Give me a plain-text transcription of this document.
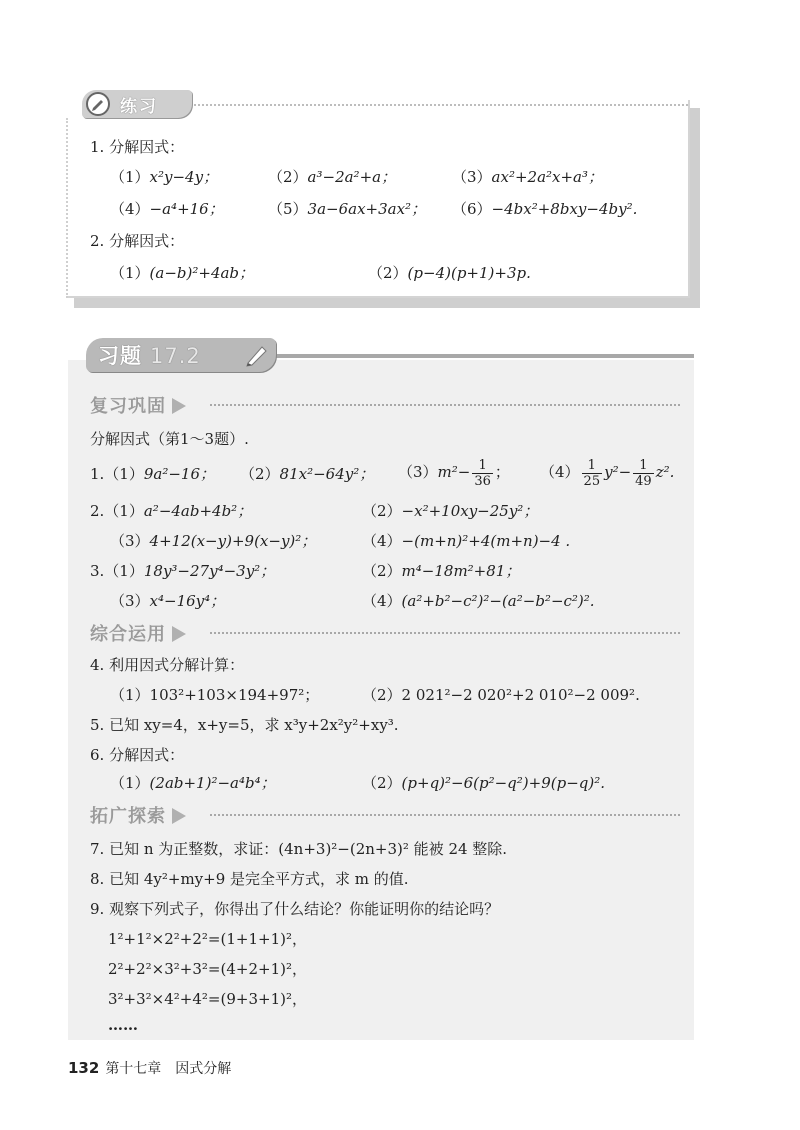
练习
1. 分解因式：
（1）x²y−4y；	（2）a³−2a²+a；	（3）ax²+2a²x+a³；
（4）−a⁴+16；	（5）3a−6ax+3ax²； （6）−4bx²+8bxy−4by².
2. 分解因式：
（1）(a−b)²+4ab；	（2）(p−4)(p+1)+3p.
习题 17.2
复习巩固
分解因式（第1～3题）.
1.（1）9a²−16； （2）81x²−64y²； $(3)m^2- \frac{1}{36}$ ； $(4) \frac{1}{25} y^2- \frac{1}{49} z^2$.
2.（1）a²−4ab+4b²；	（2）−x²+10xy−25y²；
（3）4+12(x−y)+9(x−y)²；	（4）−(m+n)²+4(m+n)−4 .
3.（1）18y³−27y⁴−3y²；	（2）m⁴−18m²+81；
（3）x⁴−16y⁴；	（4）(a²+b²−c²)²−(a²−b²−c²)².
综合运用
4. 利用因式分解计算：
（1）103²+103×194+97²；	（2）2 021²−2 020²+2 010²−2 009².
5. 已知 xy=4，x+y=5，求 x³y+2x²y²+xy³.
6. 分解因式：
（1）(2ab+1)²−a⁴b⁴；	（2）(p+q)²−6(p²−q²)+9(p−q)².
拓广探索
7. 已知 n 为正整数，求证：(4n+3)²−(2n+3)² 能被 24 整除.
8. 已知 4y²+my+9 是完全平方式，求 m 的值.
9. 观察下列式子，你得出了什么结论？你能证明你的结论吗？
1²+1²×2²+2²=(1+1+1)²，
2²+2²×3²+3²=(4+2+1)²，
3²+3²×4²+4²=(9+3+1)²，
……
132 第十七章　因式分解
